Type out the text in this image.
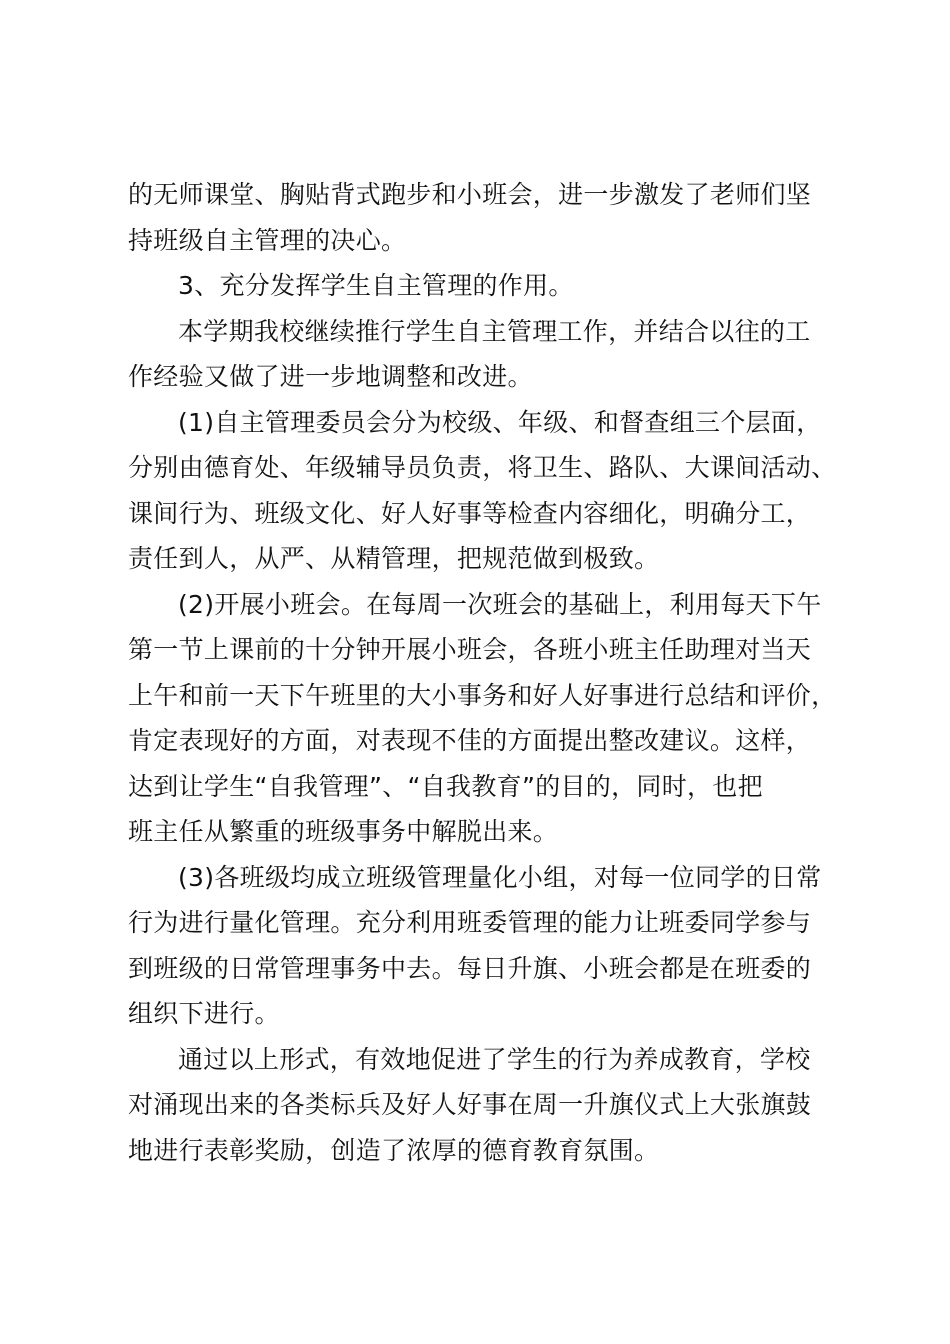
的无师课堂、胸贴背式跑步和小班会，进一步激发了老师们坚
持班级自主管理的决心。
3、充分发挥学生自主管理的作用。
本学期我校继续推行学生自主管理工作，并结合以往的工
作经验又做了进一步地调整和改进。
(1)自主管理委员会分为校级、年级、和督查组三个层面，
分别由德育处、年级辅导员负责，将卫生、路队、大课间活动、
课间行为、班级文化、好人好事等检查内容细化，明确分工，
责任到人，从严、从精管理，把规范做到极致。
(2)开展小班会。在每周一次班会的基础上，利用每天下午
第一节上课前的十分钟开展小班会，各班小班主任助理对当天
上午和前一天下午班里的大小事务和好人好事进行总结和评价，
肯定表现好的方面，对表现不佳的方面提出整改建议。这样，
达到让学生“自我管理”、“自我教育”的目的，同时，也把
班主任从繁重的班级事务中解脱出来。
(3)各班级均成立班级管理量化小组，对每一位同学的日常
行为进行量化管理。充分利用班委管理的能力让班委同学参与
到班级的日常管理事务中去。每日升旗、小班会都是在班委的
组织下进行。
通过以上形式，有效地促进了学生的行为养成教育，学校
对涌现出来的各类标兵及好人好事在周一升旗仪式上大张旗鼓
地进行表彰奖励，创造了浓厚的德育教育氛围。
